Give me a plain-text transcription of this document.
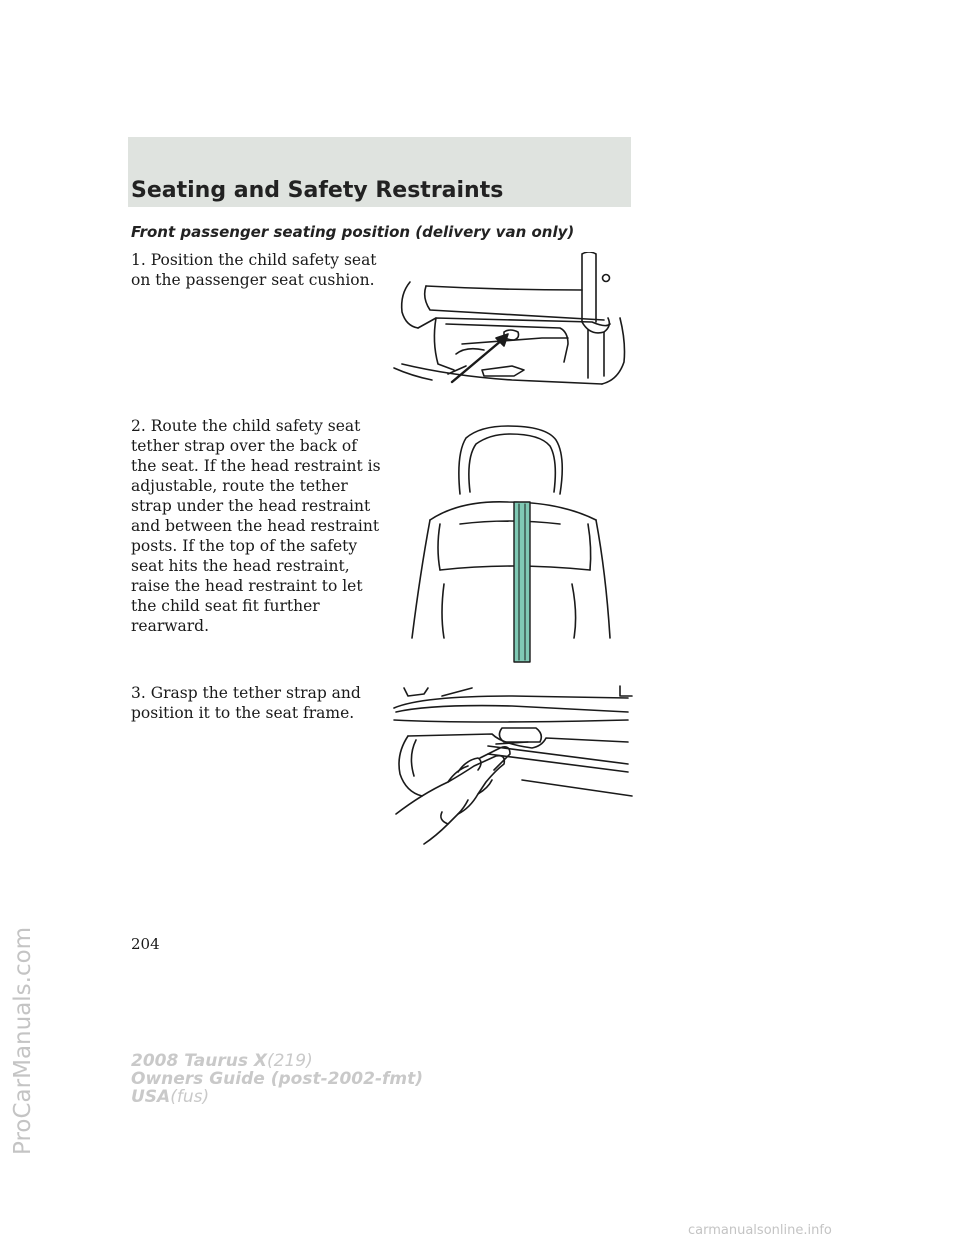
Seating and Safety Restraints
Front passenger seating position (delivery van only)

1. Position the child safety seat on the passenger seat cushion.

2. Route the child safety seat tether strap over the back of the seat. If the head restraint is adjustable, route the tether strap under the head restraint and between the head restraint posts. If the top of the safety seat hits the head restraint, raise the head restraint to let the child seat fit further rearward.

3. Grasp the tether strap and position it to the seat frame.

204
2008 Taurus X(219)
Owners Guide (post-2002-fmt)
USA(fus)
ProCarManuals.com
carmanualsonline.info
